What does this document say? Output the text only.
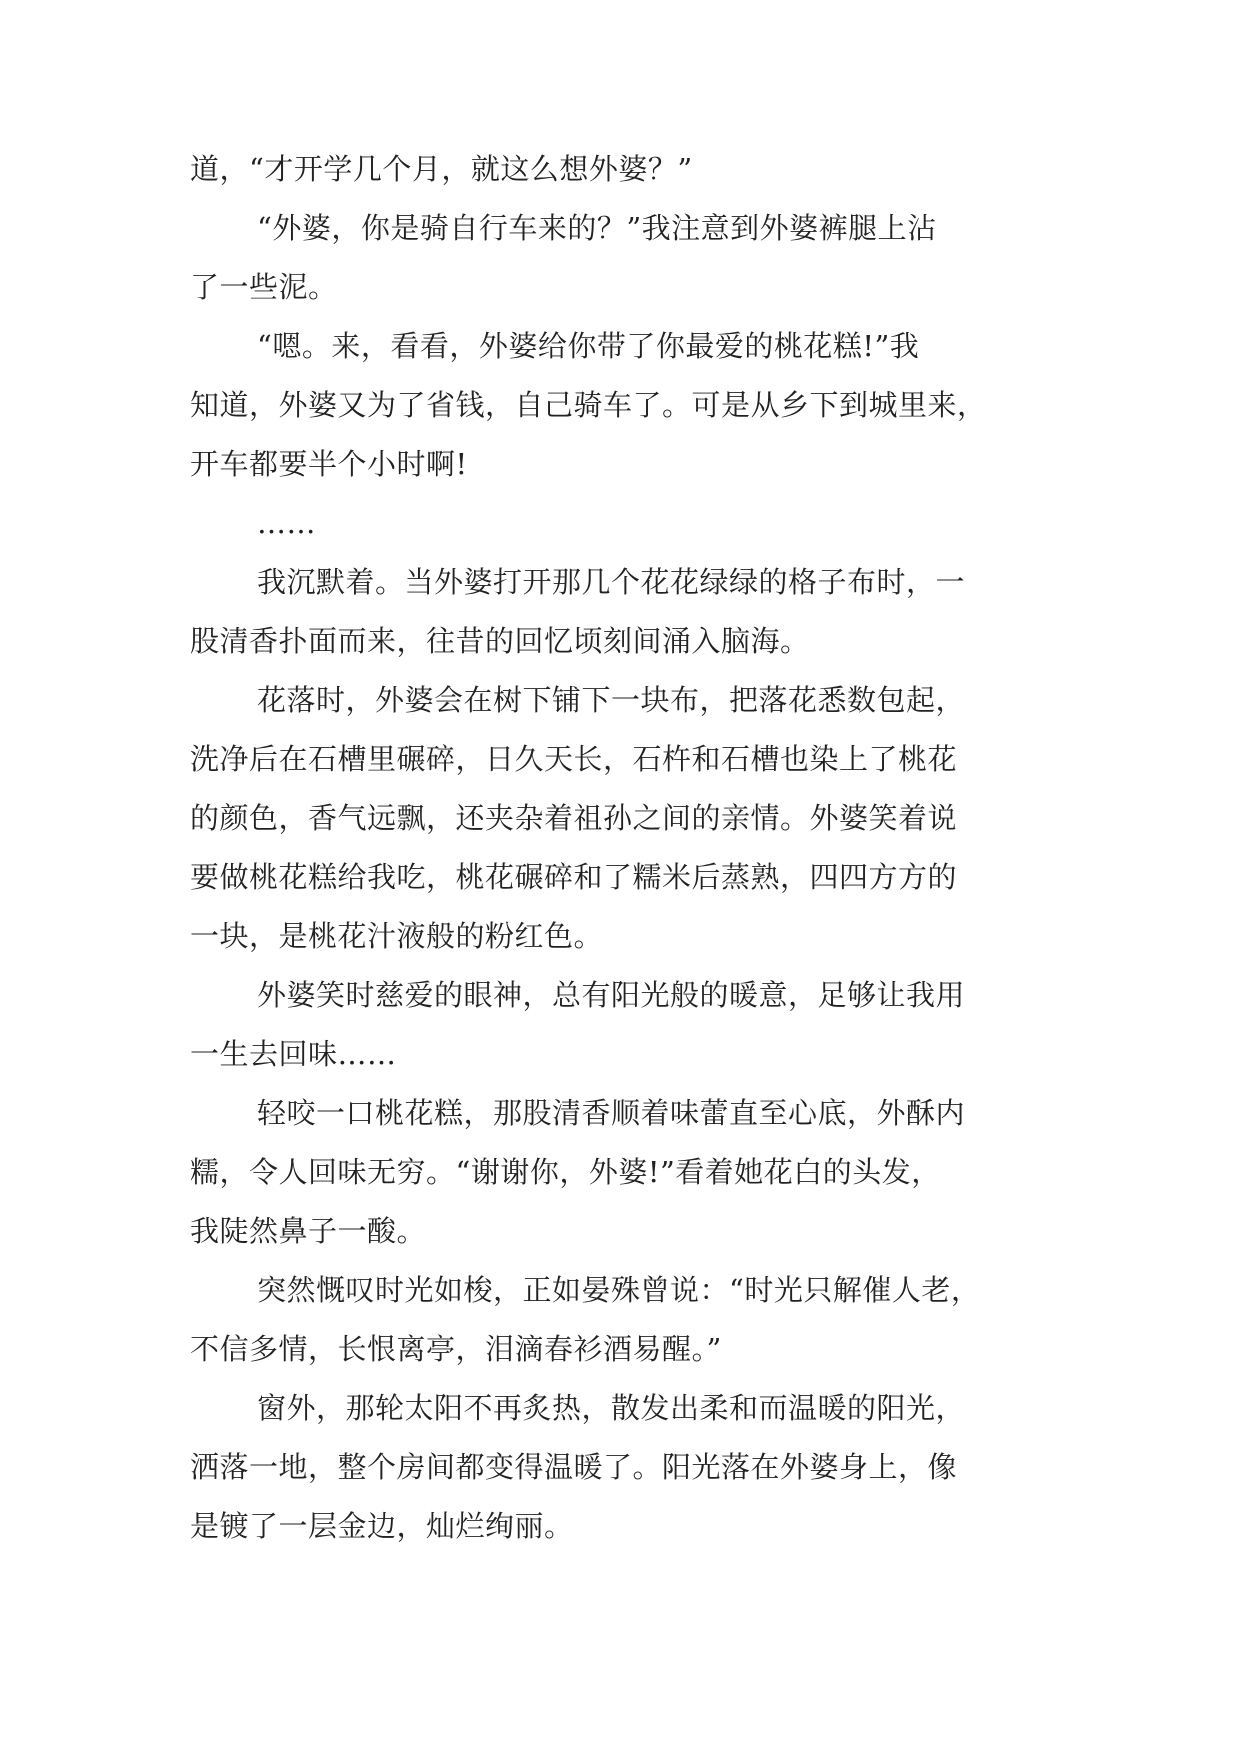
道，“才开学几个月，就这么想外婆？”
“外婆，你是骑自行车来的？”我注意到外婆裤腿上沾
了一些泥。
“嗯。来，看看，外婆给你带了你最爱的桃花糕!”我
知道，外婆又为了省钱，自己骑车了。可是从乡下到城里来，
开车都要半个小时啊!
……
我沉默着。当外婆打开那几个花花绿绿的格子布时，一
股清香扑面而来，往昔的回忆顷刻间涌入脑海。
花落时，外婆会在树下铺下一块布，把落花悉数包起，
洗净后在石槽里碾碎，日久天长，石杵和石槽也染上了桃花
的颜色，香气远飘，还夹杂着祖孙之间的亲情。外婆笑着说
要做桃花糕给我吃，桃花碾碎和了糯米后蒸熟，四四方方的
一块，是桃花汁液般的粉红色。
外婆笑时慈爱的眼神，总有阳光般的暖意，足够让我用
一生去回味……
轻咬一口桃花糕，那股清香顺着味蕾直至心底，外酥内
糯，令人回味无穷。“谢谢你，外婆!”看着她花白的头发，
我陡然鼻子一酸。
突然慨叹时光如梭，正如晏殊曾说：“时光只解催人老，
不信多情，长恨离亭，泪滴春衫酒易醒。”
窗外，那轮太阳不再炙热，散发出柔和而温暖的阳光，
洒落一地，整个房间都变得温暖了。阳光落在外婆身上，像
是镀了一层金边，灿烂绚丽。
